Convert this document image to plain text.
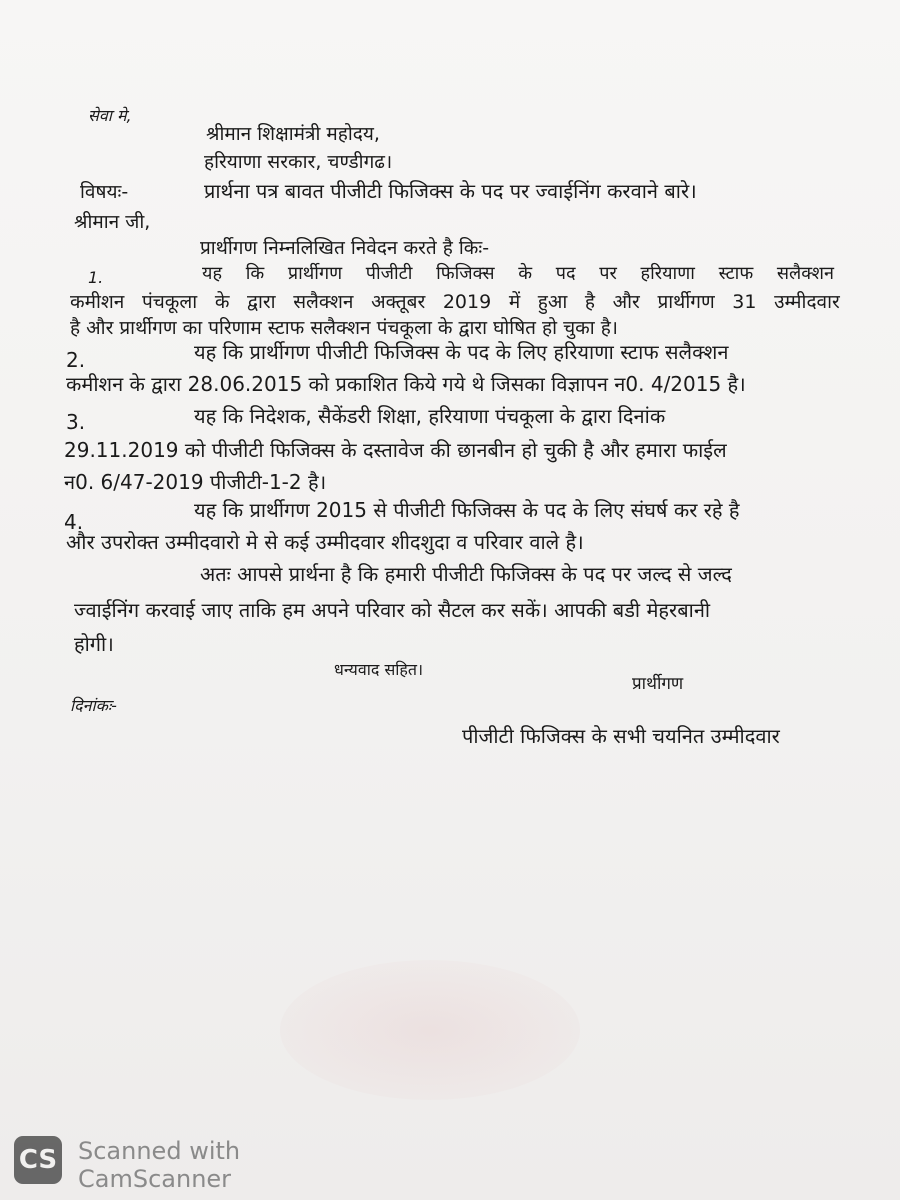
सेवा मे,
श्रीमान शिक्षामंत्री महोदय,
हरियाणा सरकार, चण्डीगढ।
विषयः-	प्रार्थना पत्र बावत पीजीटी फिजिक्स के पद पर ज्वाईनिंग करवाने बारे।
श्रीमान जी,
प्रार्थीगण निम्नलिखित निवेदन करते है किः-
1.	यह कि प्रार्थीगण पीजीटी फिजिक्स के पद पर हरियाणा स्टाफ सलैक्शन
कमीशन पंचकूला के द्वारा सलैक्शन अक्तूबर 2019 में हुआ है और प्रार्थीगण 31 उम्मीदवार
है और प्रार्थीगण का परिणाम स्टाफ सलैक्शन पंचकूला के द्वारा घोषित हो चुका है।
2.	यह कि प्रार्थीगण पीजीटी फिजिक्स के पद के लिए हरियाणा स्टाफ सलैक्शन
कमीशन के द्वारा 28.06.2015 को प्रकाशित किये गये थे जिसका विज्ञापन न0. 4/2015 है।
3.	यह कि निदेशक, सैकेंडरी शिक्षा, हरियाणा पंचकूला के द्वारा दिनांक
29.11.2019 को पीजीटी फिजिक्स के दस्तावेज की छानबीन हो चुकी है और हमारा फाईल
न0. 6/47-2019 पीजीटी-1-2 है।
4.	यह कि प्रार्थीगण 2015 से पीजीटी फिजिक्स के पद के लिए संघर्ष कर रहे है
और उपरोक्त उम्मीदवारो मे से कई उम्मीदवार शीदशुदा व परिवार वाले है।
अतः आपसे प्रार्थना है कि हमारी पीजीटी फिजिक्स के पद पर जल्द से जल्द
ज्वाईनिंग करवाई जाए ताकि हम अपने परिवार को सैटल कर सकें। आपकी बडी मेहरबानी
होगी।
धन्यवाद सहित।
प्रार्थीगण
दिनांकः-
पीजीटी फिजिक्स के सभी चयनित उम्मीदवार
CS Scanned with
CamScanner
